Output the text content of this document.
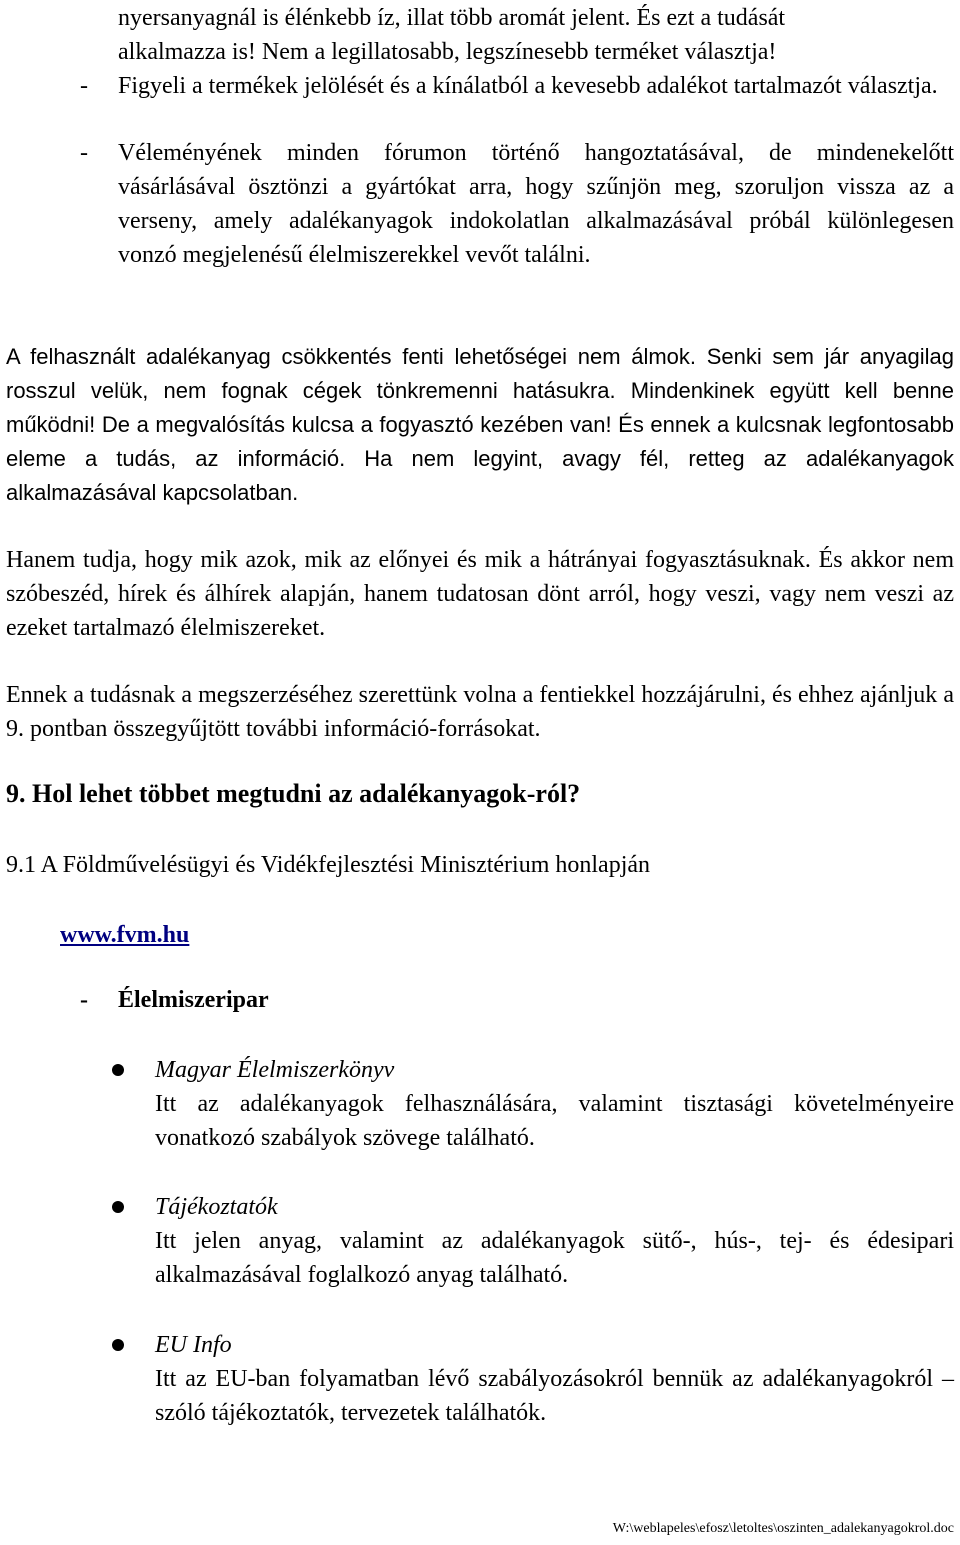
nyersanyagnál is élénkebb íz, illat több aromát jelent. És ezt a tudását
alkalmazza is! Nem a legillatosabb, legszínesebb terméket választja!
-	Figyeli a termékek jelölését és a kínálatból a kevesebb adalékot tartalmazót választja.
-	Véleményének minden fórumon történő hangoztatásával, de mindenekelőtt vásárlásával ösztönzi a gyártókat arra, hogy szűnjön meg, szoruljon vissza az a verseny, amely adalékanyagok indokolatlan alkalmazásával próbál különlegesen vonzó megjelenésű élelmiszerekkel vevőt találni.
A felhasznált adalékanyag csökkentés fenti lehetőségei nem álmok. Senki sem jár anyagilag rosszul velük, nem fognak cégek tönkremenni hatásukra. Mindenkinek együtt kell benne működni! De a megvalósítás kulcsa a fogyasztó kezében van! És ennek a kulcsnak legfontosabb eleme a tudás, az információ. Ha nem legyint, avagy fél, retteg az adalékanyagok alkalmazásával kapcsolatban.
Hanem tudja, hogy mik azok, mik az előnyei és mik a hátrányai fogyasztásuknak. És akkor nem szóbeszéd, hírek és álhírek alapján, hanem tudatosan dönt arról, hogy veszi, vagy nem veszi az ezeket tartalmazó élelmiszereket.
Ennek a tudásnak a megszerzéséhez szerettünk volna a fentiekkel hozzájárulni, és ehhez ajánljuk a 9. pontban összegyűjtött további információ-forrásokat.
9. Hol lehet többet megtudni az adalékanyagok-ról?
9.1 A Földművelésügyi és Vidékfejlesztési Minisztérium honlapján
www.fvm.hu
- Élelmiszeripar
Magyar Élelmiszerkönyv
Itt az adalékanyagok felhasználására, valamint tisztasági követelményeire vonatkozó szabályok szövege található.
Tájékoztatók
Itt jelen anyag, valamint az adalékanyagok sütő-, hús-, tej- és édesipari alkalmazásával foglalkozó anyag található.
EU Info
Itt az EU-ban folyamatban lévő szabályozásokról bennük az adalékanyagokról – szóló tájékoztatók, tervezetek találhatók.
W:\weblapeles\efosz\letoltes\oszinten_adalekanyagokrol.doc
